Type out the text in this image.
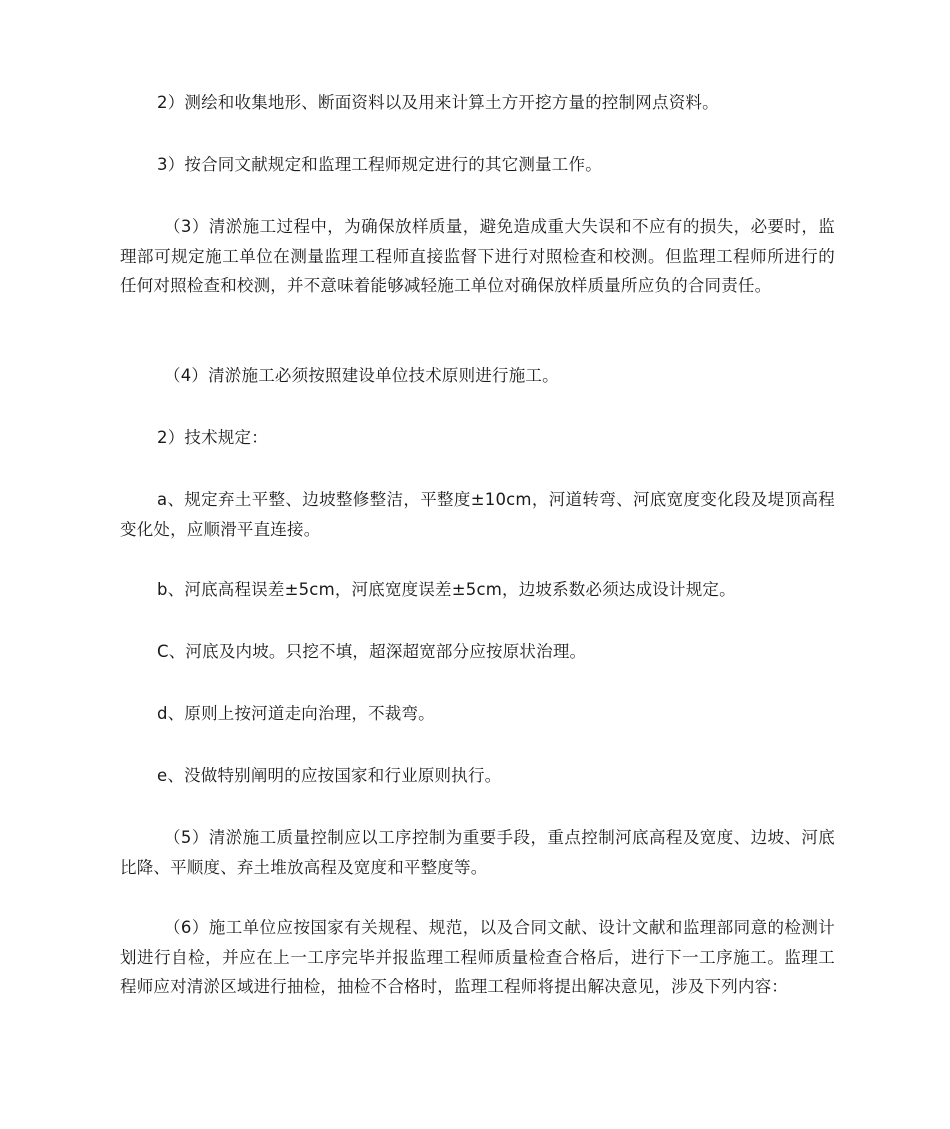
2）测绘和收集地形、断面资料以及用来计算土方开挖方量的控制网点资料。

3）按合同文献规定和监理工程师规定进行的其它测量工作。

（3）清淤施工过程中，为确保放样质量，避免造成重大失误和不应有的损失，必要时，监理部可规定施工单位在测量监理工程师直接监督下进行对照检查和校测。但监理工程师所进行的任何对照检查和校测，并不意味着能够减轻施工单位对确保放样质量所应负的合同责任。

（4）清淤施工必须按照建设单位技术原则进行施工。

2）技术规定：

a、规定弃土平整、边坡整修整洁，平整度±10cm，河道转弯、河底宽度变化段及堤顶高程变化处，应顺滑平直连接。

b、河底高程误差±5cm，河底宽度误差±5cm，边坡系数必须达成设计规定。

C、河底及内坡。只挖不填，超深超宽部分应按原状治理。

d、原则上按河道走向治理，不裁弯。

e、没做特别阐明的应按国家和行业原则执行。

（5）清淤施工质量控制应以工序控制为重要手段，重点控制河底高程及宽度、边坡、河底比降、平顺度、弃土堆放高程及宽度和平整度等。

（6）施工单位应按国家有关规程、规范，以及合同文献、设计文献和监理部同意的检测计划进行自检，并应在上一工序完毕并报监理工程师质量检查合格后，进行下一工序施工。监理工程师应对清淤区域进行抽检，抽检不合格时，监理工程师将提出解决意见，涉及下列内容：
